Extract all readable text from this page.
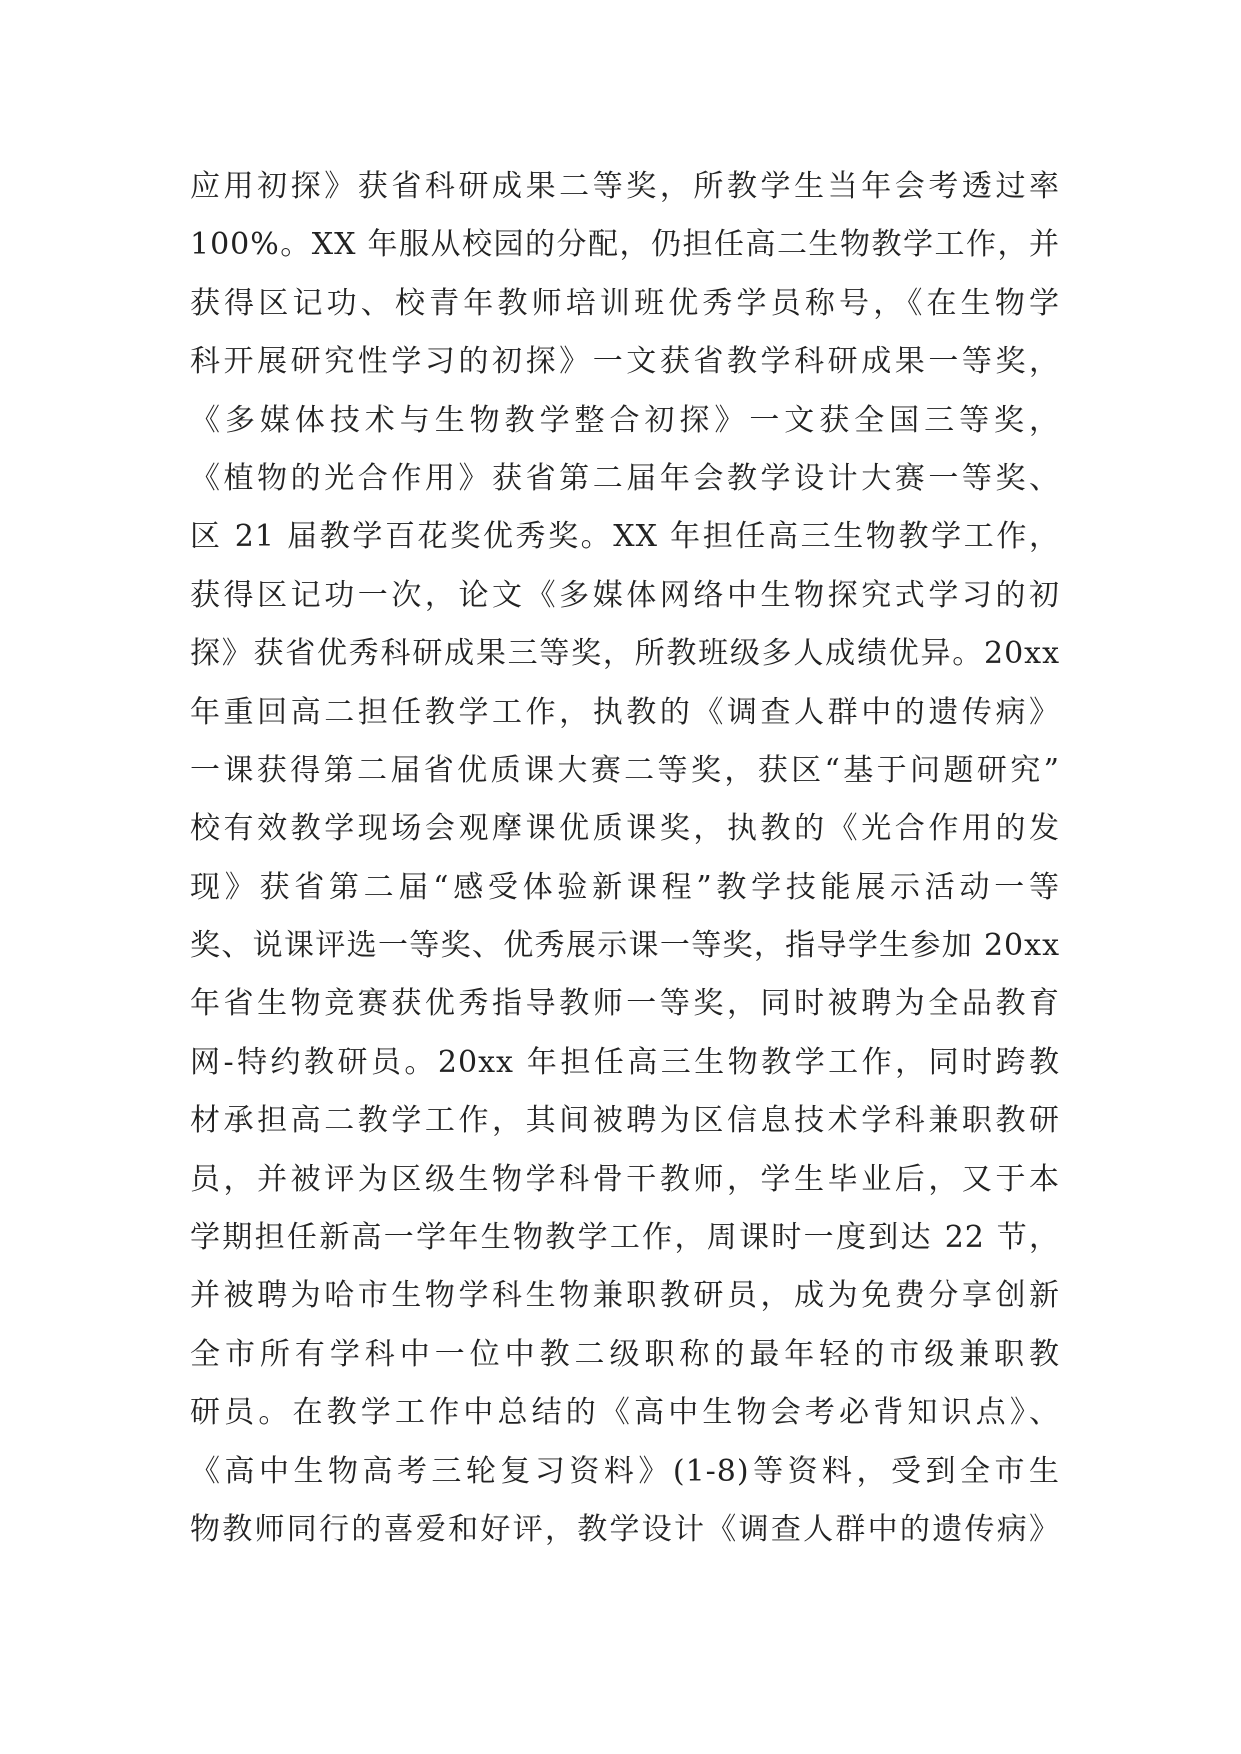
应用初探》获省科研成果二等奖，所教学生当年会考透过率
100%。XX 年服从校园的分配，仍担任高二生物教学工作，并
获得区记功、校青年教师培训班优秀学员称号，《在生物学
科开展研究性学习的初探》一文获省教学科研成果一等奖，
《多媒体技术与生物教学整合初探》一文获全国三等奖，
《植物的光合作用》获省第二届年会教学设计大赛一等奖、
区 21 届教学百花奖优秀奖。XX 年担任高三生物教学工作，
获得区记功一次，论文《多媒体网络中生物探究式学习的初
探》获省优秀科研成果三等奖，所教班级多人成绩优异。20xx
年重回高二担任教学工作，执教的《调查人群中的遗传病》
一课获得第二届省优质课大赛二等奖，获区“基于问题研究”
校有效教学现场会观摩课优质课奖，执教的《光合作用的发
现》获省第二届“感受体验新课程”教学技能展示活动一等
奖、说课评选一等奖、优秀展示课一等奖，指导学生参加 20xx
年省生物竞赛获优秀指导教师一等奖，同时被聘为全品教育
网-特约教研员。20xx 年担任高三生物教学工作，同时跨教
材承担高二教学工作，其间被聘为区信息技术学科兼职教研
员，并被评为区级生物学科骨干教师，学生毕业后，又于本
学期担任新高一学年生物教学工作，周课时一度到达 22 节，
并被聘为哈市生物学科生物兼职教研员，成为免费分享创新
全市所有学科中一位中教二级职称的最年轻的市级兼职教
研员。在教学工作中总结的《高中生物会考必背知识点》、
《高中生物高考三轮复习资料》(1-8)等资料，受到全市生
物教师同行的喜爱和好评，教学设计《调查人群中的遗传病》
